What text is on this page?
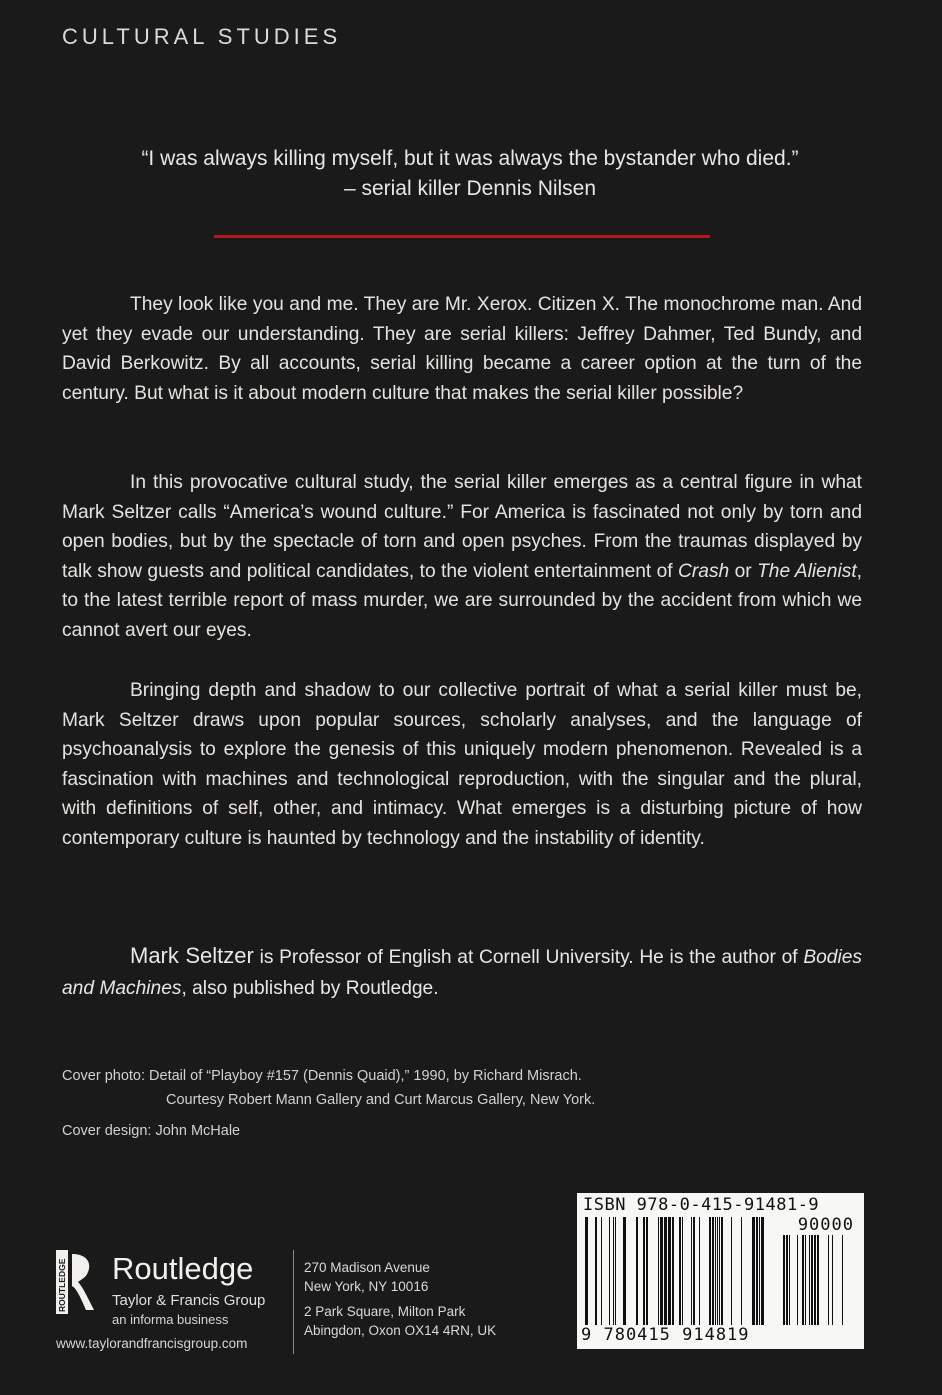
CULTURAL STUDIES
“I was always killing myself, but it was always the bystander who died.”
– serial killer Dennis Nilsen

They look like you and me. They are Mr. Xerox. Citizen X. The monochrome man. And yet they evade our understanding. They are serial killers: Jeffrey Dahmer, Ted Bundy, and David Berkowitz. By all accounts, serial killing became a career option at the turn of the century. But what is it about modern culture that makes the serial killer possible?

In this provocative cultural study, the serial killer emerges as a central figure in what Mark Seltzer calls “America’s wound culture.” For America is fascinated not only by torn and open bodies, but by the spectacle of torn and open psyches. From the traumas displayed by talk show guests and political candidates, to the violent entertainment of Crash or The Alienist, to the latest terrible report of mass murder, we are surrounded by the accident from which we cannot avert our eyes.

Bringing depth and shadow to our collective portrait of what a serial killer must be, Mark Seltzer draws upon popular sources, scholarly analyses, and the language of psychoanalysis to explore the genesis of this uniquely modern phenomenon. Revealed is a fascination with machines and technological reproduction, with the singular and the plural, with definitions of self, other, and intimacy. What emerges is a disturbing picture of how contemporary culture is haunted by technology and the instability of identity.

Mark Seltzer is Professor of English at Cornell University. He is the author of Bodies and Machines, also published by Routledge.

Cover photo: Detail of “Playboy #157 (Dennis Quaid),” 1990, by Richard Misrach.
Courtesy Robert Mann Gallery and Curt Marcus Gallery, New York.
Cover design: John McHale
ROUTLEDGE Routledge
Taylor & Francis Group
an informa business
www.taylorandfrancisgroup.com
270 Madison Avenue
New York, NY 10016
2 Park Square, Milton Park
Abingdon, Oxon OX14 4RN, UK
ISBN 978-0-415-91481-9
90000
9 780415 914819
